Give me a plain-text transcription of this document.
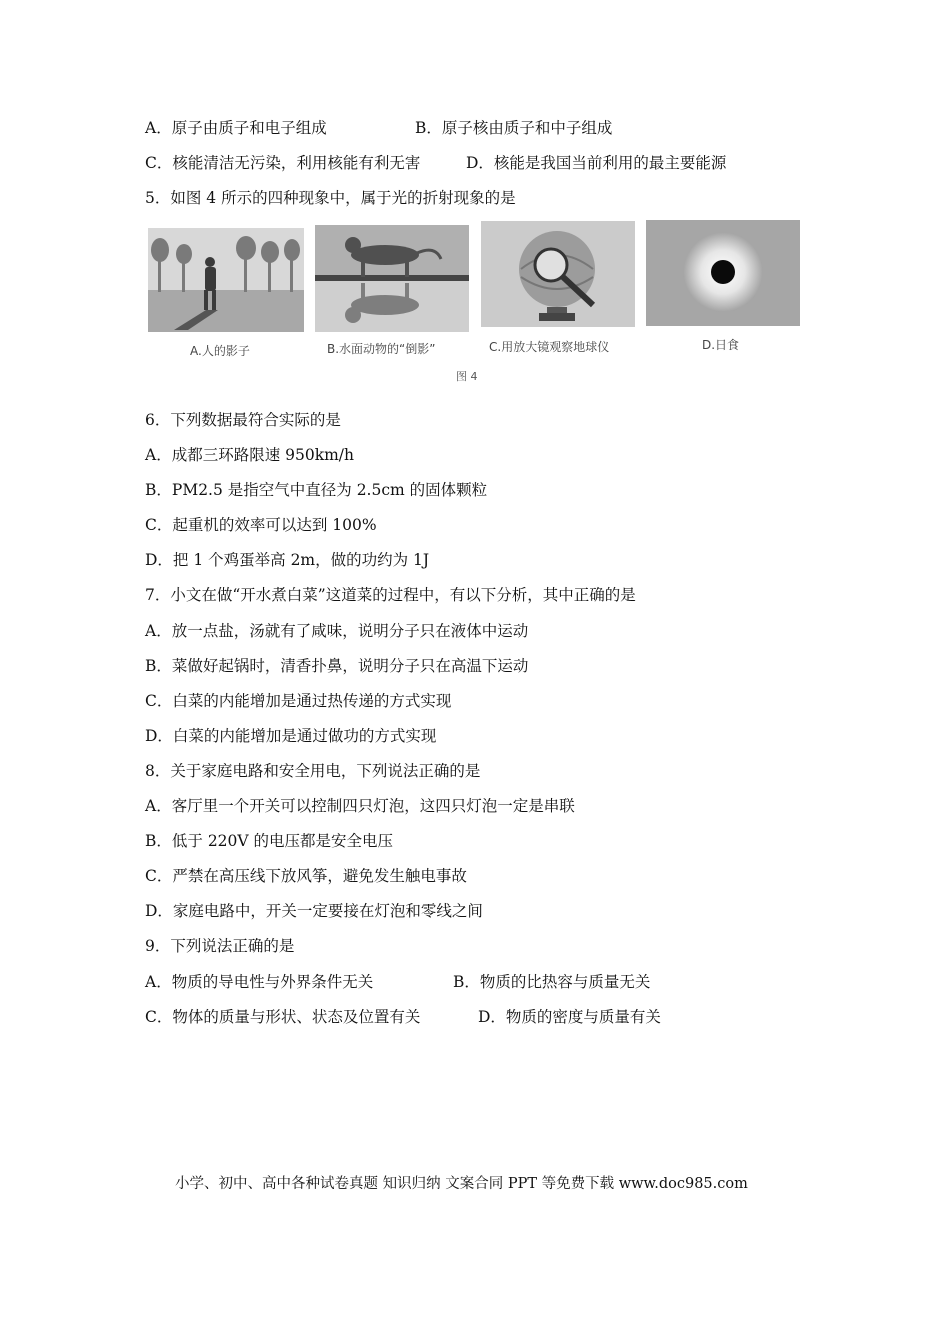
A．原子由质子和电子组成	B．原子核由质子和中子组成
C．核能清洁无污染，利用核能有利无害	D．核能是我国当前利用的最主要能源
5．如图 4 所示的四种现象中，属于光的折射现象的是
A.人的影子	B.水面动物的“倒影”	C.用放大镜观察地球仪	D.日食
图 4
6．下列数据最符合实际的是
A．成都三环路限速 950km/h
B．PM2.5 是指空气中直径为 2.5cm 的固体颗粒
C．起重机的效率可以达到 100%
D．把 1 个鸡蛋举高 2m，做的功约为 1J
7．小文在做“开水煮白菜”这道菜的过程中，有以下分析，其中正确的是
A．放一点盐，汤就有了咸味，说明分子只在液体中运动
B．菜做好起锅时，清香扑鼻，说明分子只在高温下运动
C．白菜的内能增加是通过热传递的方式实现
D．白菜的内能增加是通过做功的方式实现
8．关于家庭电路和安全用电，下列说法正确的是
A．客厅里一个开关可以控制四只灯泡，这四只灯泡一定是串联
B．低于 220V 的电压都是安全电压
C．严禁在高压线下放风筝，避免发生触电事故
D．家庭电路中，开关一定要接在灯泡和零线之间
9．下列说法正确的是
A．物质的导电性与外界条件无关	B．物质的比热容与质量无关
C．物体的质量与形状、状态及位置有关	D．物质的密度与质量有关
小学、初中、高中各种试卷真题 知识归纳 文案合同 PPT 等免费下载 www.doc985.com
